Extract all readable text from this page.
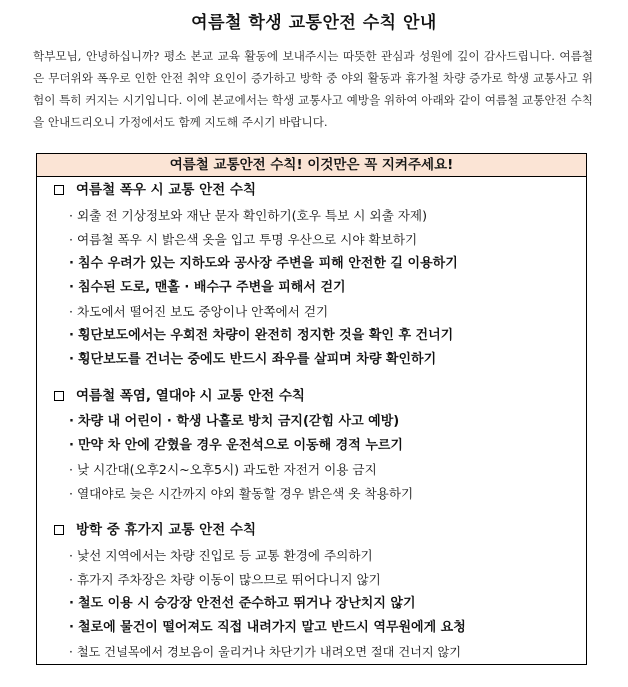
여름철 학생 교통안전 수칙 안내

학부모님, 안녕하십니까? 평소 본교 교육 활동에 보내주시는 따뜻한 관심과 성원에 깊이 감사드립니다. 여름철은 무더위와 폭우로 인한 안전 취약 요인이 증가하고 방학 중 야외 활동과 휴가철 차량 증가로 학생 교통사고 위험이 특히 커지는 시기입니다. 이에 본교에서는 학생 교통사고 예방을 위하여 아래와 같이 여름철 교통안전 수칙을 안내드리오니 가정에서도 함께 지도해 주시기 바랍니다.

여름철 교통안전 수칙! 이것만은 꼭 지켜주세요!
여름철 폭우 시 교통 안전 수칙
· 외출 전 기상정보와 재난 문자 확인하기(호우 특보 시 외출 자제)
· 여름철 폭우 시 밝은색 옷을 입고 투명 우산으로 시야 확보하기
· 침수 우려가 있는 지하도와 공사장 주변을 피해 안전한 길 이용하기
· 침수된 도로, 맨홀 · 배수구 주변을 피해서 걷기
· 차도에서 떨어진 보도 중앙이나 안쪽에서 걷기
· 횡단보도에서는 우회전 차량이 완전히 정지한 것을 확인 후 건너기
· 횡단보도를 건너는 중에도 반드시 좌우를 살피며 차량 확인하기
여름철 폭염, 열대야 시 교통 안전 수칙
· 차량 내 어린이 · 학생 나홀로 방치 금지(갇힘 사고 예방)
· 만약 차 안에 갇혔을 경우 운전석으로 이동해 경적 누르기
· 낮 시간대(오후2시~오후5시) 과도한 자전거 이용 금지
· 열대야로 늦은 시간까지 야외 활동할 경우 밝은색 옷 착용하기
방학 중 휴가지 교통 안전 수칙
· 낯선 지역에서는 차량 진입로 등 교통 환경에 주의하기
· 휴가지 주차장은 차량 이동이 많으므로 뛰어다니지 않기
· 철도 이용 시 승강장 안전선 준수하고 뛰거나 장난치지 않기
· 철로에 물건이 떨어져도 직접 내려가지 말고 반드시 역무원에게 요청
· 철도 건널목에서 경보음이 울리거나 차단기가 내려오면 절대 건너지 않기
